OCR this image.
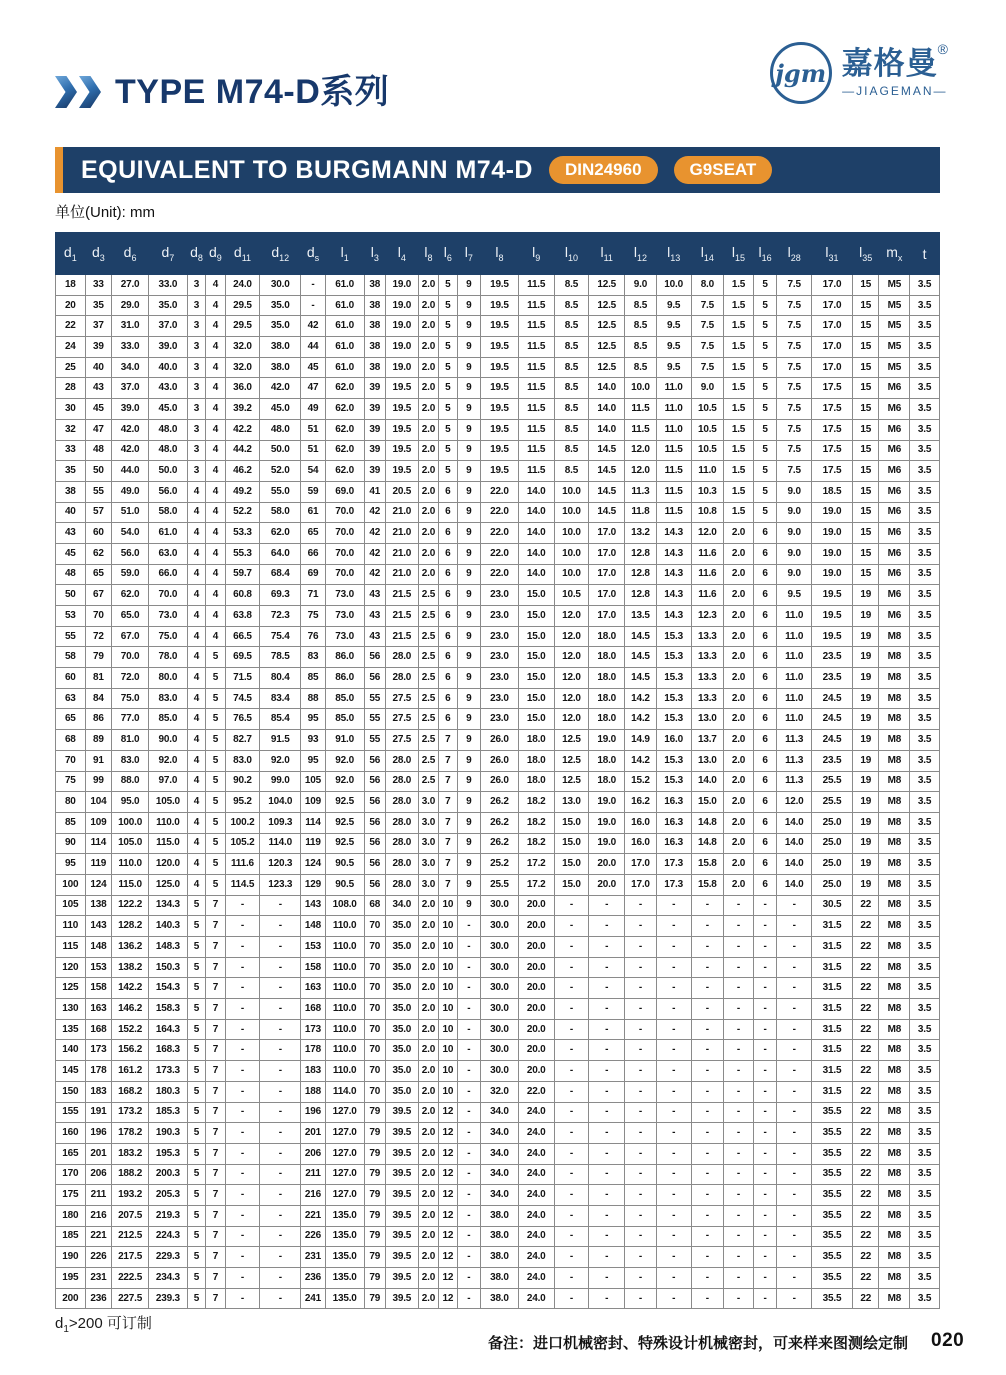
TYPE M74-D系列	jgm 嘉格曼 ®
—JIAGEMAN—
EQUIVALENT TO BURGMANN M74-D	DIN24960	G9SEAT
单位(Unit): mm
$d_1$	$d_3$	$d_6$	$d_7$	$d_8$	$d_9$	$d_{11}$	$d_{12}$	$d_s$	$l_1$	$l_3$	$l_4$	$l_8$	$l_6$	$l_7$	$l_8$	$l_9$	$l_{10}$	$l_{11}$	$l_{12}$	$l_{13}$	$l_{14}$	$l_{15}$	$l_{16}$	$l_{28}$	$l_{31}$	$l_{35}$	$m_x$	t
18	33	27.0	33.0	3	4	24.0	30.0	-	61.0	38	19.0	2.0	5	9	19.5	11.5	8.5	12.5	9.0	10.0	8.0	1.5	5	7.5	17.0	15	M5	3.5
20	35	29.0	35.0	3	4	29.5	35.0	-	61.0	38	19.0	2.0	5	9	19.5	11.5	8.5	12.5	8.5	9.5	7.5	1.5	5	7.5	17.0	15	M5	3.5
22	37	31.0	37.0	3	4	29.5	35.0	42	61.0	38	19.0	2.0	5	9	19.5	11.5	8.5	12.5	8.5	9.5	7.5	1.5	5	7.5	17.0	15	M5	3.5
24	39	33.0	39.0	3	4	32.0	38.0	44	61.0	38	19.0	2.0	5	9	19.5	11.5	8.5	12.5	8.5	9.5	7.5	1.5	5	7.5	17.0	15	M5	3.5
25	40	34.0	40.0	3	4	32.0	38.0	45	61.0	38	19.0	2.0	5	9	19.5	11.5	8.5	12.5	8.5	9.5	7.5	1.5	5	7.5	17.0	15	M5	3.5
28	43	37.0	43.0	3	4	36.0	42.0	47	62.0	39	19.5	2.0	5	9	19.5	11.5	8.5	14.0	10.0	11.0	9.0	1.5	5	7.5	17.5	15	M6	3.5
30	45	39.0	45.0	3	4	39.2	45.0	49	62.0	39	19.5	2.0	5	9	19.5	11.5	8.5	14.0	11.5	11.0	10.5	1.5	5	7.5	17.5	15	M6	3.5
32	47	42.0	48.0	3	4	42.2	48.0	51	62.0	39	19.5	2.0	5	9	19.5	11.5	8.5	14.0	11.5	11.0	10.5	1.5	5	7.5	17.5	15	M6	3.5
33	48	42.0	48.0	3	4	44.2	50.0	51	62.0	39	19.5	2.0	5	9	19.5	11.5	8.5	14.5	12.0	11.5	10.5	1.5	5	7.5	17.5	15	M6	3.5
35	50	44.0	50.0	3	4	46.2	52.0	54	62.0	39	19.5	2.0	5	9	19.5	11.5	8.5	14.5	12.0	11.5	11.0	1.5	5	7.5	17.5	15	M6	3.5
38	55	49.0	56.0	4	4	49.2	55.0	59	69.0	41	20.5	2.0	6	9	22.0	14.0	10.0	14.5	11.3	11.5	10.3	1.5	5	9.0	18.5	15	M6	3.5
40	57	51.0	58.0	4	4	52.2	58.0	61	70.0	42	21.0	2.0	6	9	22.0	14.0	10.0	14.5	11.8	11.5	10.8	1.5	5	9.0	19.0	15	M6	3.5
43	60	54.0	61.0	4	4	53.3	62.0	65	70.0	42	21.0	2.0	6	9	22.0	14.0	10.0	17.0	13.2	14.3	12.0	2.0	6	9.0	19.0	15	M6	3.5
45	62	56.0	63.0	4	4	55.3	64.0	66	70.0	42	21.0	2.0	6	9	22.0	14.0	10.0	17.0	12.8	14.3	11.6	2.0	6	9.0	19.0	15	M6	3.5
48	65	59.0	66.0	4	4	59.7	68.4	69	70.0	42	21.0	2.0	6	9	22.0	14.0	10.0	17.0	12.8	14.3	11.6	2.0	6	9.0	19.0	15	M6	3.5
50	67	62.0	70.0	4	4	60.8	69.3	71	73.0	43	21.5	2.5	6	9	23.0	15.0	10.5	17.0	12.8	14.3	11.6	2.0	6	9.5	19.5	19	M6	3.5
53	70	65.0	73.0	4	4	63.8	72.3	75	73.0	43	21.5	2.5	6	9	23.0	15.0	12.0	17.0	13.5	14.3	12.3	2.0	6	11.0	19.5	19	M6	3.5
55	72	67.0	75.0	4	4	66.5	75.4	76	73.0	43	21.5	2.5	6	9	23.0	15.0	12.0	18.0	14.5	15.3	13.3	2.0	6	11.0	19.5	19	M8	3.5
58	79	70.0	78.0	4	5	69.5	78.5	83	86.0	56	28.0	2.5	6	9	23.0	15.0	12.0	18.0	14.5	15.3	13.3	2.0	6	11.0	23.5	19	M8	3.5
60	81	72.0	80.0	4	5	71.5	80.4	85	86.0	56	28.0	2.5	6	9	23.0	15.0	12.0	18.0	14.5	15.3	13.3	2.0	6	11.0	23.5	19	M8	3.5
63	84	75.0	83.0	4	5	74.5	83.4	88	85.0	55	27.5	2.5	6	9	23.0	15.0	12.0	18.0	14.2	15.3	13.3	2.0	6	11.0	24.5	19	M8	3.5
65	86	77.0	85.0	4	5	76.5	85.4	95	85.0	55	27.5	2.5	6	9	23.0	15.0	12.0	18.0	14.2	15.3	13.0	2.0	6	11.0	24.5	19	M8	3.5
68	89	81.0	90.0	4	5	82.7	91.5	93	91.0	55	27.5	2.5	7	9	26.0	18.0	12.5	19.0	14.9	16.0	13.7	2.0	6	11.3	24.5	19	M8	3.5
70	91	83.0	92.0	4	5	83.0	92.0	95	92.0	56	28.0	2.5	7	9	26.0	18.0	12.5	18.0	14.2	15.3	13.0	2.0	6	11.3	23.5	19	M8	3.5
75	99	88.0	97.0	4	5	90.2	99.0	105	92.0	56	28.0	2.5	7	9	26.0	18.0	12.5	18.0	15.2	15.3	14.0	2.0	6	11.3	25.5	19	M8	3.5
80	104	95.0	105.0	4	5	95.2	104.0	109	92.5	56	28.0	3.0	7	9	26.2	18.2	13.0	19.0	16.2	16.3	15.0	2.0	6	12.0	25.5	19	M8	3.5
85	109	100.0	110.0	4	5	100.2	109.3	114	92.5	56	28.0	3.0	7	9	26.2	18.2	15.0	19.0	16.0	16.3	14.8	2.0	6	14.0	25.0	19	M8	3.5
90	114	105.0	115.0	4	5	105.2	114.0	119	92.5	56	28.0	3.0	7	9	26.2	18.2	15.0	19.0	16.0	16.3	14.8	2.0	6	14.0	25.0	19	M8	3.5
95	119	110.0	120.0	4	5	111.6	120.3	124	90.5	56	28.0	3.0	7	9	25.2	17.2	15.0	20.0	17.0	17.3	15.8	2.0	6	14.0	25.0	19	M8	3.5
100	124	115.0	125.0	4	5	114.5	123.3	129	90.5	56	28.0	3.0	7	9	25.5	17.2	15.0	20.0	17.0	17.3	15.8	2.0	6	14.0	25.0	19	M8	3.5
105	138	122.2	134.3	5	7	-	-	143	108.0	68	34.0	2.0	10	9	30.0	20.0	-	-	-	-	-	-	-	-	30.5	22	M8	3.5
110	143	128.2	140.3	5	7	-	-	148	110.0	70	35.0	2.0	10	-	30.0	20.0	-	-	-	-	-	-	-	-	31.5	22	M8	3.5
115	148	136.2	148.3	5	7	-	-	153	110.0	70	35.0	2.0	10	-	30.0	20.0	-	-	-	-	-	-	-	-	31.5	22	M8	3.5
120	153	138.2	150.3	5	7	-	-	158	110.0	70	35.0	2.0	10	-	30.0	20.0	-	-	-	-	-	-	-	-	31.5	22	M8	3.5
125	158	142.2	154.3	5	7	-	-	163	110.0	70	35.0	2.0	10	-	30.0	20.0	-	-	-	-	-	-	-	-	31.5	22	M8	3.5
130	163	146.2	158.3	5	7	-	-	168	110.0	70	35.0	2.0	10	-	30.0	20.0	-	-	-	-	-	-	-	-	31.5	22	M8	3.5
135	168	152.2	164.3	5	7	-	-	173	110.0	70	35.0	2.0	10	-	30.0	20.0	-	-	-	-	-	-	-	-	31.5	22	M8	3.5
140	173	156.2	168.3	5	7	-	-	178	110.0	70	35.0	2.0	10	-	30.0	20.0	-	-	-	-	-	-	-	-	31.5	22	M8	3.5
145	178	161.2	173.3	5	7	-	-	183	110.0	70	35.0	2.0	10	-	30.0	20.0	-	-	-	-	-	-	-	-	31.5	22	M8	3.5
150	183	168.2	180.3	5	7	-	-	188	114.0	70	35.0	2.0	10	-	32.0	22.0	-	-	-	-	-	-	-	-	31.5	22	M8	3.5
155	191	173.2	185.3	5	7	-	-	196	127.0	79	39.5	2.0	12	-	34.0	24.0	-	-	-	-	-	-	-	-	35.5	22	M8	3.5
160	196	178.2	190.3	5	7	-	-	201	127.0	79	39.5	2.0	12	-	34.0	24.0	-	-	-	-	-	-	-	-	35.5	22	M8	3.5
165	201	183.2	195.3	5	7	-	-	206	127.0	79	39.5	2.0	12	-	34.0	24.0	-	-	-	-	-	-	-	-	35.5	22	M8	3.5
170	206	188.2	200.3	5	7	-	-	211	127.0	79	39.5	2.0	12	-	34.0	24.0	-	-	-	-	-	-	-	-	35.5	22	M8	3.5
175	211	193.2	205.3	5	7	-	-	216	127.0	79	39.5	2.0	12	-	34.0	24.0	-	-	-	-	-	-	-	-	35.5	22	M8	3.5
180	216	207.5	219.3	5	7	-	-	221	135.0	79	39.5	2.0	12	-	38.0	24.0	-	-	-	-	-	-	-	-	35.5	22	M8	3.5
185	221	212.5	224.3	5	7	-	-	226	135.0	79	39.5	2.0	12	-	38.0	24.0	-	-	-	-	-	-	-	-	35.5	22	M8	3.5
190	226	217.5	229.3	5	7	-	-	231	135.0	79	39.5	2.0	12	-	38.0	24.0	-	-	-	-	-	-	-	-	35.5	22	M8	3.5
195	231	222.5	234.3	5	7	-	-	236	135.0	79	39.5	2.0	12	-	38.0	24.0	-	-	-	-	-	-	-	-	35.5	22	M8	3.5
200	236	227.5	239.3	5	7	-	-	241	135.0	79	39.5	2.0	12	-	38.0	24.0	-	-	-	-	-	-	-	-	35.5	22	M8	3.5
$d_1>200$ 可订制
备注：进口机械密封、特殊设计机械密封，可来样来图测绘定制 020
